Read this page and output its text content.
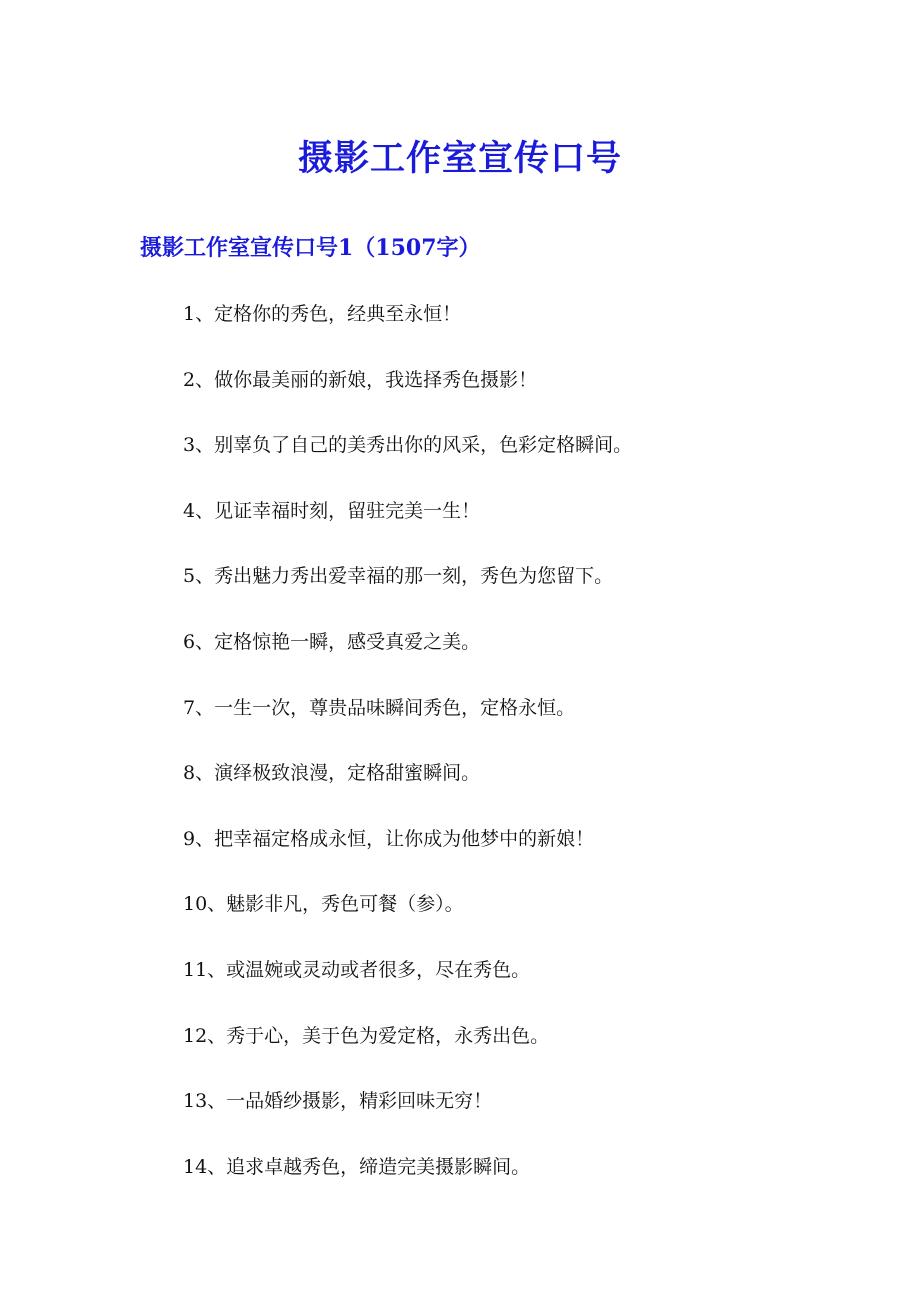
摄影工作室宣传口号
摄影工作室宣传口号1（1507字）
1、定格你的秀色，经典至永恒！
2、做你最美丽的新娘，我选择秀色摄影！
3、别辜负了自己的美秀出你的风采，色彩定格瞬间。
4、见证幸福时刻，留驻完美一生！
5、秀出魅力秀出爱幸福的那一刻，秀色为您留下。
6、定格惊艳一瞬，感受真爱之美。
7、一生一次，尊贵品味瞬间秀色，定格永恒。
8、演绎极致浪漫，定格甜蜜瞬间。
9、把幸福定格成永恒，让你成为他梦中的新娘！
10、魅影非凡，秀色可餐（参）。
11、或温婉或灵动或者很多，尽在秀色。
12、秀于心，美于色为爱定格，永秀出色。
13、一品婚纱摄影，精彩回味无穷！
14、追求卓越秀色，缔造完美摄影瞬间。
